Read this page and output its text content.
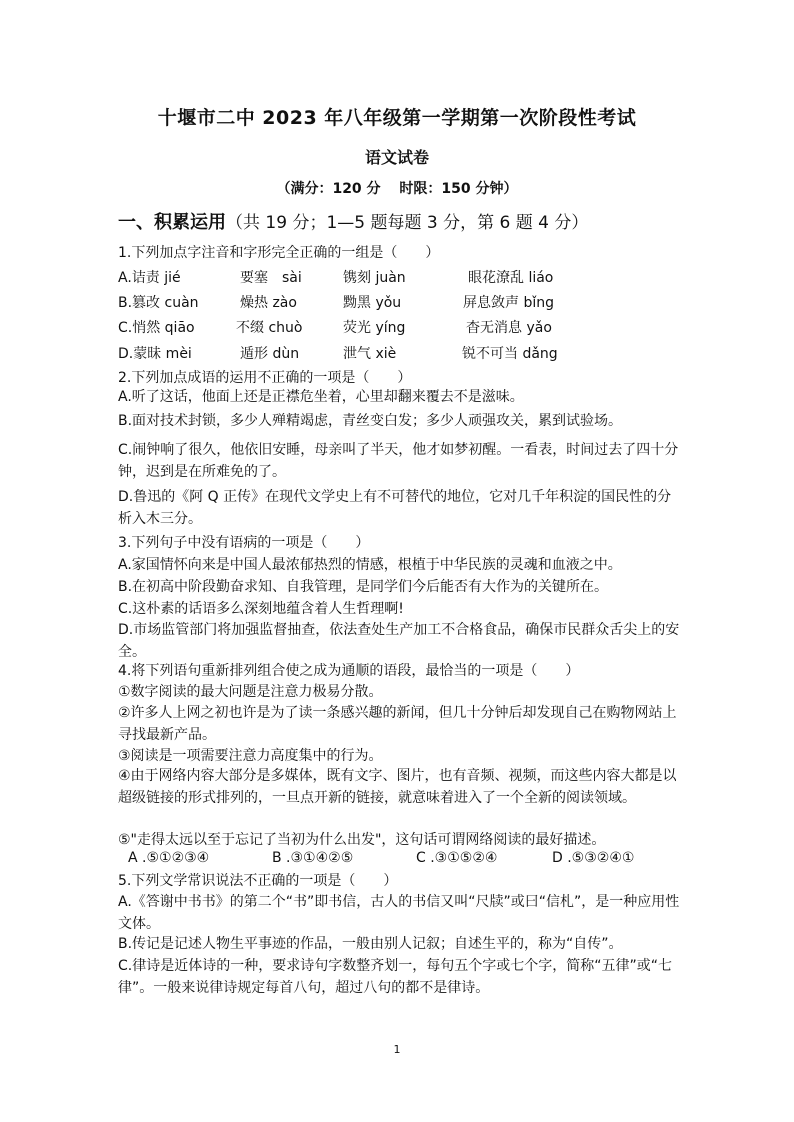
十堰市二中 2023 年八年级第一学期第一次阶段性考试
语文试卷
（满分：120 分　 时限：150 分钟）
一、积累运用（共 19 分；1—5 题每题 3 分，第 6 题 4 分）
1.下列加点字注音和字形完全正确的一组是（　　）
A.诘责 jié	要塞　sài	镌刻 juàn	眼花潦乱 liáo
B.篡改 cuàn	燥热 zào	黝黑 yǒu	屏息敛声 bǐng
C.悄然 qiāo	不缀 chuò	荧光 yíng	杳无消息 yǎo
D.蒙昧 mèi	遁形 dùn	泄气 xiè	锐不可当 dǎng
2.下列加点成语的运用不正确的一项是（　　）
A.听了这话，他面上还是正襟危坐着，心里却翻来覆去不是滋味。
B.面对技术封锁，多少人殚精竭虑，青丝变白发；多少人顽强攻关，累到试验场。
C.闹钟响了很久，他依旧安睡，母亲叫了半天，他才如梦初醒。一看表，时间过去了四十分钟，迟到是在所难免的了。
D.鲁迅的《阿 Q 正传》在现代文学史上有不可替代的地位，它对几千年积淀的国民性的分析入木三分。
3.下列句子中没有语病的一项是（　　）
A.家国情怀向来是中国人最浓郁热烈的情感，根植于中华民族的灵魂和血液之中。
B.在初高中阶段勤奋求知、自我管理，是同学们今后能否有大作为的关键所在。
C.这朴素的话语多么深刻地蕴含着人生哲理啊!
D.市场监管部门将加强监督抽查，依法查处生产加工不合格食品，确保市民群众舌尖上的安全。
4.将下列语句重新排列组合使之成为通顺的语段，最恰当的一项是（　　）
①数字阅读的最大问题是注意力极易分散。
②许多人上网之初也许是为了读一条感兴趣的新闻，但几十分钟后却发现自己在购物网站上寻找最新产品。
③阅读是一项需要注意力高度集中的行为。
④由于网络内容大部分是多媒体，既有文字、图片，也有音频、视频，而这些内容大都是以超级链接的形式排列的，一旦点开新的链接，就意味着进入了一个全新的阅读领域。
⑤"走得太远以至于忘记了当初为什么出发"，这句话可谓网络阅读的最好描述。
A .⑤①②③④	B .③①④②⑤	C .③①⑤②④	D .⑤③②④①
5.下列文学常识说法不正确的一项是（　　）
A.《答谢中书书》的第二个“书”即书信，古人的书信又叫“尺牍”或曰“信札”，是一种应用性文体。
B.传记是记述人物生平事迹的作品，一般由别人记叙；自述生平的，称为“自传”。
C.律诗是近体诗的一种，要求诗句字数整齐划一，每句五个字或七个字，简称“五律”或“七律”。一般来说律诗规定每首八句，超过八句的都不是律诗。
1
